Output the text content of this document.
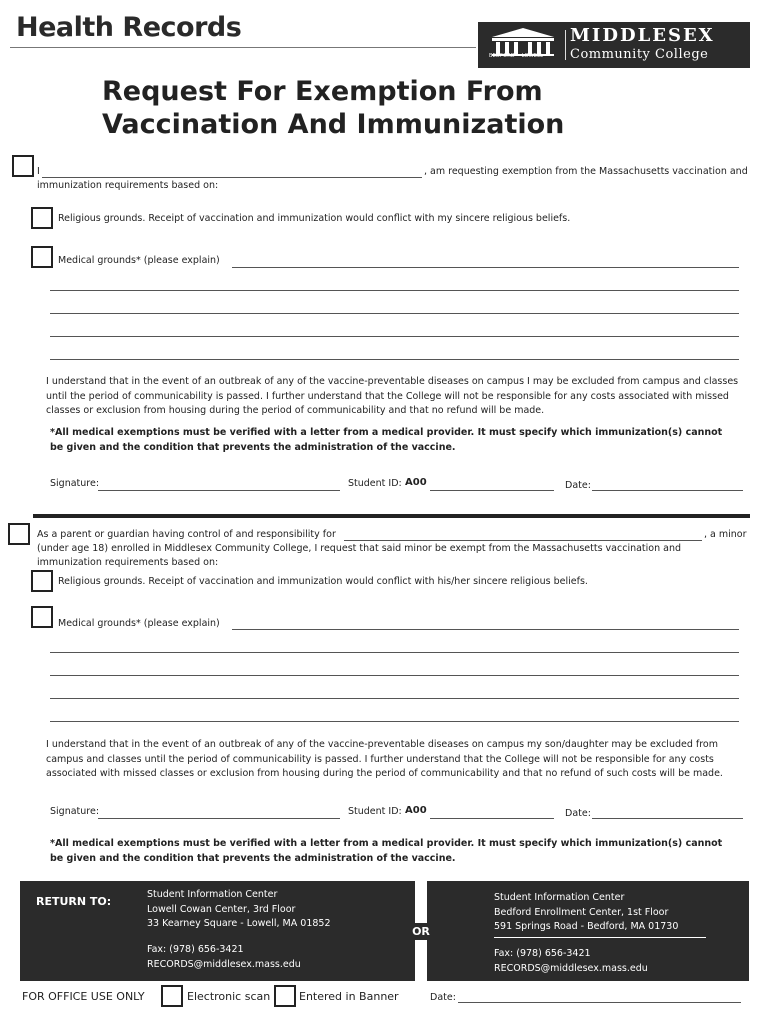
Health Records
BEDFORD • LOWELL
MIDDLESEX
Community College
Request For Exemption From
Vaccination And Immunization
I	, am requesting exemption from the Massachusetts vaccination and
immunization requirements based on:
Religious grounds. Receipt of vaccination and immunization would conflict with my sincere religious beliefs.
Medical grounds* (please explain)
I understand that in the event of an outbreak of any of the vaccine-preventable diseases on campus I may be excluded from campus and classes
until the period of communicability is passed. I further understand that the College will not be responsible for any costs associated with missed
classes or exclusion from housing during the period of communicability and that no refund will be made.
*All medical exemptions must be verified with a letter from a medical provider. It must specify which immunization(s) cannot
be given and the condition that prevents the administration of the vaccine.
Signature:	Student ID: A00	Date:
As a parent or guardian having control of and responsibility for	, a minor
(under age 18) enrolled in Middlesex Community College, I request that said minor be exempt from the Massachusetts vaccination and
immunization requirements based on:
Religious grounds. Receipt of vaccination and immunization would conflict with his/her sincere religious beliefs.
Medical grounds* (please explain)
I understand that in the event of an outbreak of any of the vaccine-preventable diseases on campus my son/daughter may be excluded from
campus and classes until the period of communicability is passed. I further understand that the College will not be responsible for any costs
associated with missed classes or exclusion from housing during the period of communicability and that no refund of such costs will be made.
Signature:	Student ID: A00	Date:
*All medical exemptions must be verified with a letter from a medical provider. It must specify which immunization(s) cannot
be given and the condition that prevents the administration of the vaccine.
RETURN TO:
Student Information Center
Lowell Cowan Center, 3rd Floor
33 Kearney Square - Lowell, MA 01852
Fax: (978) 656-3421
RECORDS@middlesex.mass.edu
OR
Student Information Center
Bedford Enrollment Center, 1st Floor
591 Springs Road - Bedford, MA 01730
Fax: (978) 656-3421
RECORDS@middlesex.mass.edu
FOR OFFICE USE ONLY	Electronic scan	Entered in Banner	Date:
